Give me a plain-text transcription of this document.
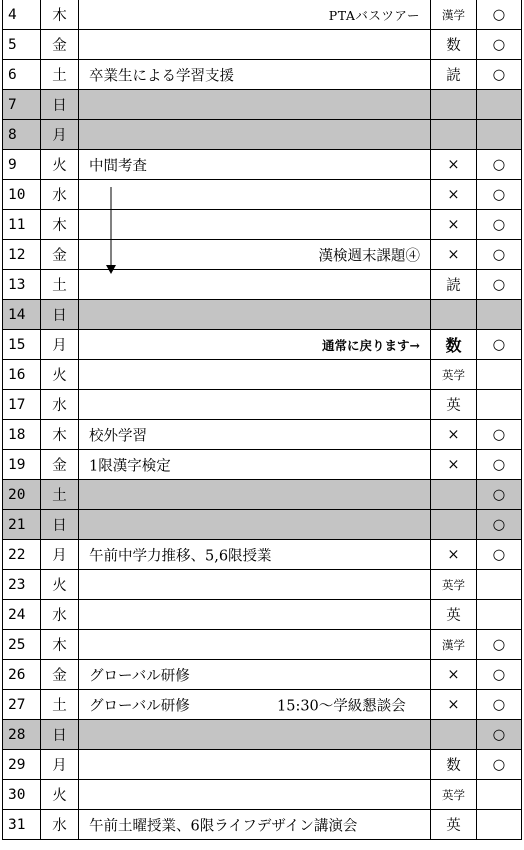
4	木	PTAバスツアー	漢学	○
5	金		数	○
6	土	卒業生による学習支援	読	○
7	日			
8	月			
9	火	中間考査	×	○
10	水		×	○
11	木		×	○
12	金	漢検週末課題④	×	○
13	土		読	○
14	日			
15	月	通常に戻ります→	数	○
16	火		英学	
17	水		英	
18	木	校外学習	×	○
19	金	1限漢字検定	×	○
20	土			○
21	日			○
22	月	午前中学力推移、5,6限授業	×	○
23	火		英学	
24	水		英	
25	木		漢学	○
26	金	グローバル研修	×	○
27	土	グローバル研修 15:30～学級懇談会	×	○
28	日			○
29	月		数	○
30	火		英学	
31	水	午前土曜授業、6限ライフデザイン講演会	英	
